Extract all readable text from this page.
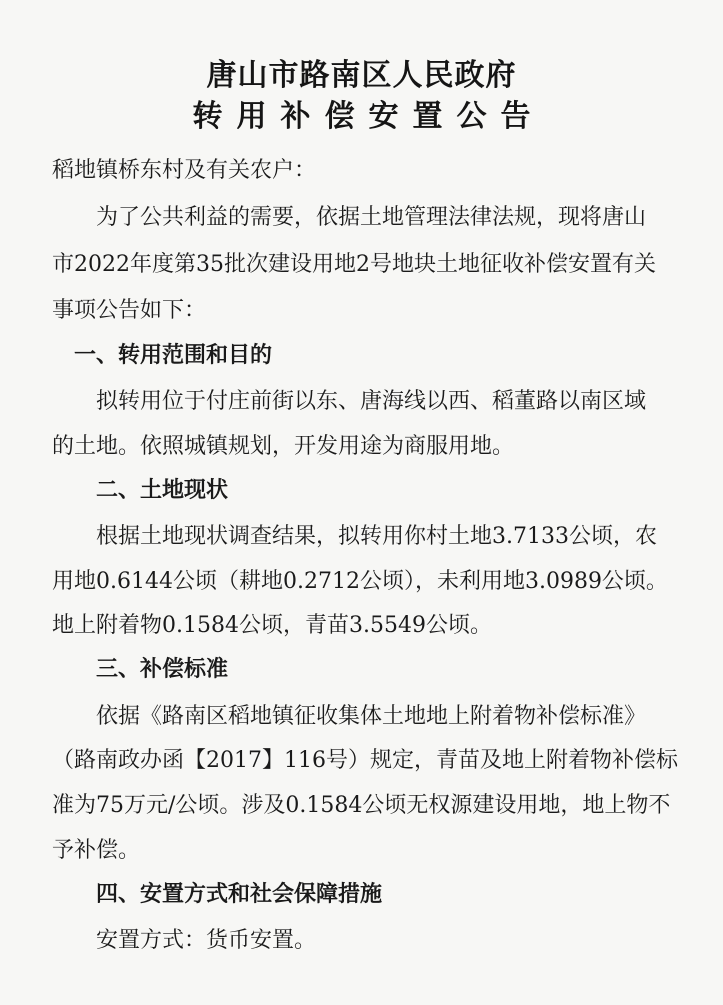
唐山市路南区人民政府
转用补偿安置公告
稻地镇桥东村及有关农户：
　　为了公共利益的需要，依据土地管理法律法规，现将唐山
市2022年度第35批次建设用地2号地块土地征收补偿安置有关
事项公告如下：
　一、转用范围和目的
　　拟转用位于付庄前街以东、唐海线以西、稻董路以南区域
的土地。依照城镇规划，开发用途为商服用地。
　　二、土地现状
　　根据土地现状调查结果，拟转用你村土地3.7133公顷，农
用地0.6144公顷（耕地0.2712公顷），未利用地3.0989公顷。
地上附着物0.1584公顷，青苗3.5549公顷。
　　三、补偿标准
　　依据《路南区稻地镇征收集体土地地上附着物补偿标准》
（路南政办函【2017】116号）规定，青苗及地上附着物补偿标
准为75万元/公顷。涉及0.1584公顷无权源建设用地，地上物不
予补偿。
　　四、安置方式和社会保障措施
　　安置方式：货币安置。
